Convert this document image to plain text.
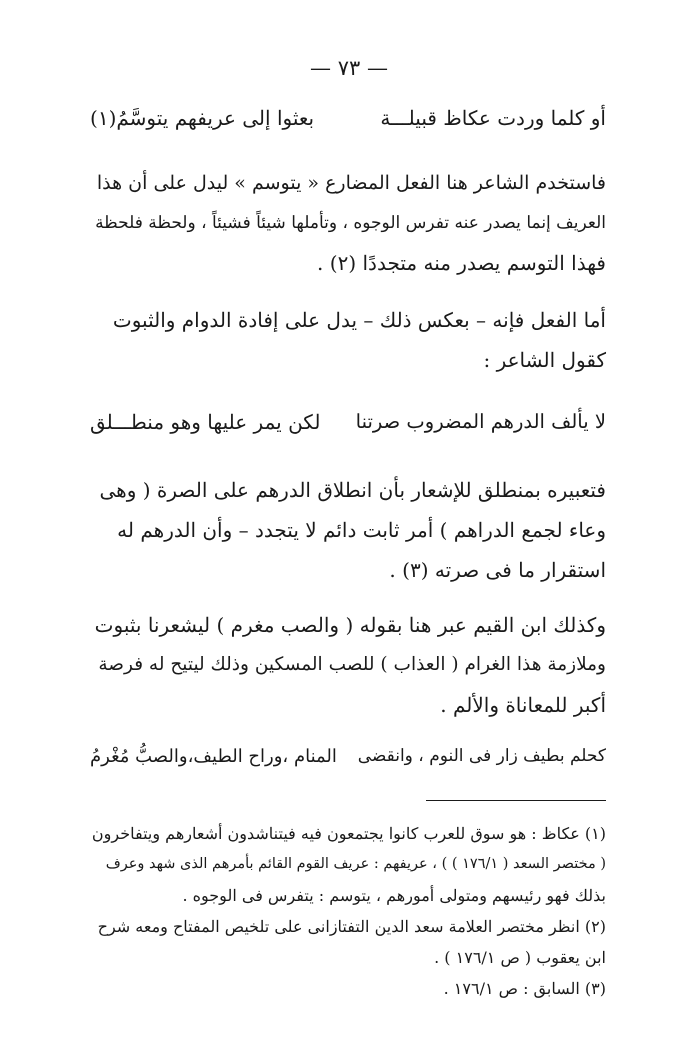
— ٧٣ —
أو كلما وردت عكاظ قبيلـــة
بعثوا إلى عريفهم يتوسَّمُ(١)
فاستخدم الشاعر هنا الفعل المضارع « يتوسم » ليدل على أن هذا
العريف إنما يصدر عنه تفرس الوجوه ، وتأملها شيئاً فشيئاً ، ولحظة فلحظة
فهذا التوسم يصدر منه متجددًا (٢) .
أما الفعل فإنه – بعكس ذلك – يدل على إفادة الدوام والثبوت
كقول الشاعر :
لا يألف الدرهم المضروب صرتنا
لكن يمر عليها وهو منطـــلق
فتعبيره بمنطلق للإشعار بأن انطلاق الدرهم على الصرة ( وهى
وعاء لجمع الدراهم ) أمر ثابت دائم لا يتجدد – وأن الدرهم له
استقرار ما فى صرته (٣) .
وكذلك ابن القيم عبر هنا بقوله ( والصب مغرم ) ليشعرنا بثبوت
وملازمة هذا الغرام ( العذاب ) للصب المسكين وذلك ليتيح له فرصة
أكبر للمعاناة والألم .
كحلم بطيف زار فى النوم ، وانقضى
المنام ،وراح الطيف،والصبُّ مُغْرمُ
(١) عكاظ : هو سوق للعرب كانوا يجتمعون فيه فيتناشدون أشعارهم ويتفاخرون
( مختصر السعد ( ١٧٦/١ ) ) ، عريفهم : عريف القوم القائم بأمرهم الذى شهد وعرف
بذلك فهو رئيسهم ومتولى أمورهم ، يتوسم : يتفرس فى الوجوه .
(٢) انظر مختصر العلامة سعد الدين التفتازانى على تلخيص المفتاح ومعه شرح
ابن يعقوب ( ص ١٧٦/١ ) .
(٣) السابق : ص ١٧٦/١ .
